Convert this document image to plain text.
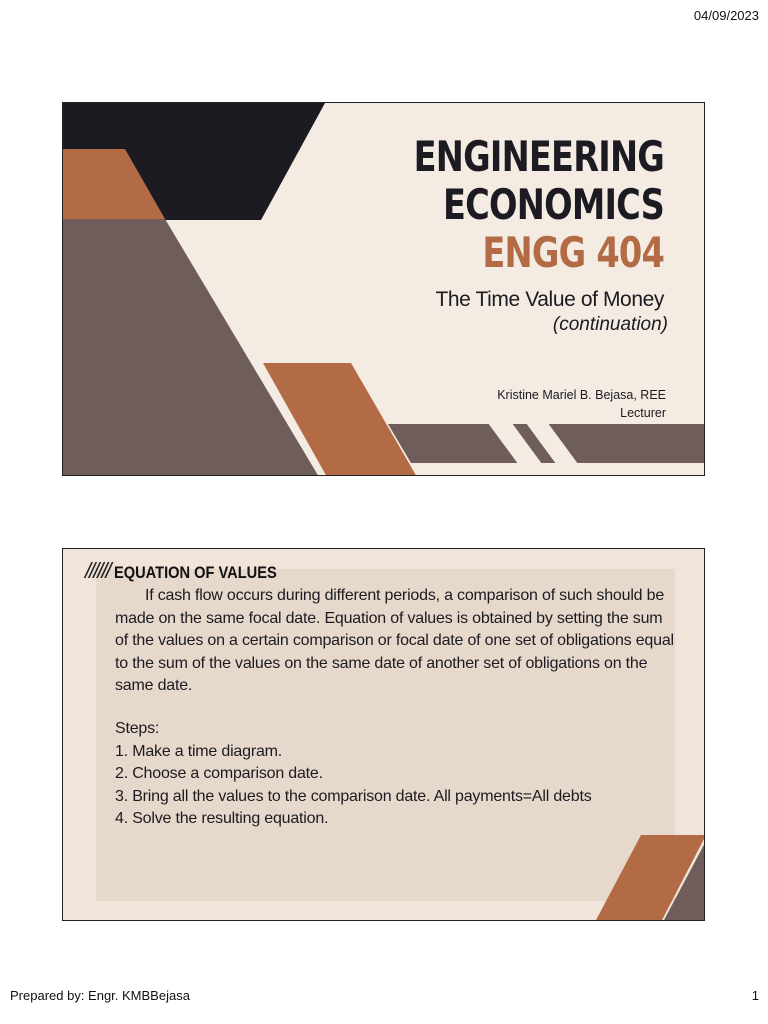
04/09/2023
ENGINEERING
ECONOMICS
ENGG 404
The Time Value of Money
(continuation)
Kristine Mariel B. Bejasa, REE
Lecturer
////// EQUATION OF VALUES
If cash flow occurs during different periods, a comparison of such should be made on the same focal date. Equation of values is obtained by setting the sum of the values on a certain comparison or focal date of one set of obligations equal to the sum of the values on the same date of another set of obligations on the same date.
Steps:
1. Make a time diagram.
2. Choose a comparison date.
3. Bring all the values to the comparison date. All payments=All debts
4. Solve the resulting equation.
Prepared by: Engr. KMBBejasa	1
